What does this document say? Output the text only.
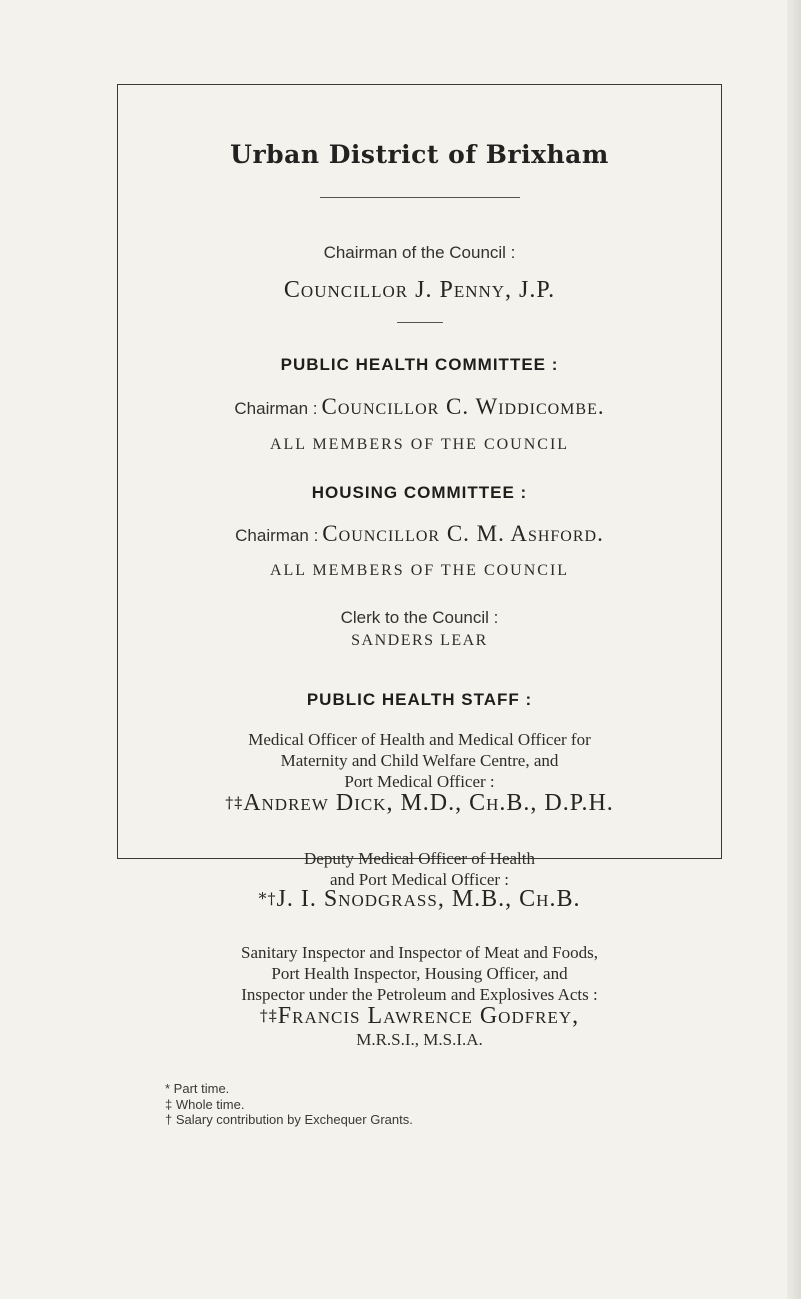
Urban District of Brixham
Chairman of the Council :
Councillor J. Penny, J.P.
PUBLIC HEALTH COMMITTEE :
Chairman : Councillor C. Widdicombe.
ALL MEMBERS OF THE COUNCIL
HOUSING COMMITTEE :
Chairman : Councillor C. M. Ashford.
ALL MEMBERS OF THE COUNCIL
Clerk to the Council :
SANDERS LEAR
PUBLIC HEALTH STAFF :
Medical Officer of Health and Medical Officer for
Maternity and Child Welfare Centre, and
Port Medical Officer :
†‡Andrew Dick, M.D., Ch.B., D.P.H.
Deputy Medical Officer of Health
and Port Medical Officer :
*†J. I. Snodgrass, M.B., Ch.B.
Sanitary Inspector and Inspector of Meat and Foods,
Port Health Inspector, Housing Officer, and
Inspector under the Petroleum and Explosives Acts :
†‡Francis Lawrence Godfrey,
M.R.S.I., M.S.I.A.
* Part time.
‡ Whole time.
† Salary contribution by Exchequer Grants.
